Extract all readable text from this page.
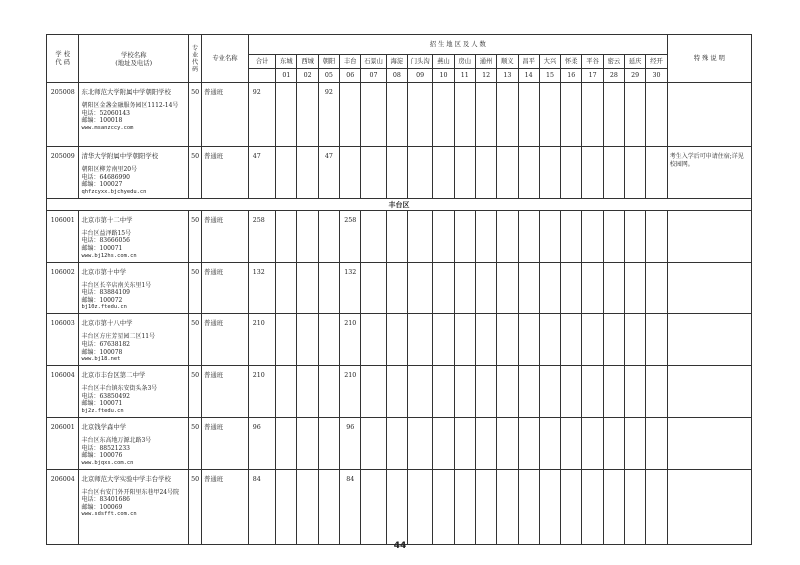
学 校
代 码	学校名称
(地址及电话)	专业代码	专业名称	招 生 地 区 及 人 数																			特 殊 说 明
				合计	东城	西城	朝阳	丰台	石景山	海淀	门头沟	燕山	房山	通州	顺义	昌平	大兴	怀柔	平谷	密云	延庆	经开	
					01	02	05	06	07	08	09	10	11	12	13	14	15	16	17	28	29	30	
205008	东北师范大学附属中学朝阳学校
朝阳区金盏金融服务园区1112-14号
电话：52060143
邮编：100018
www.msanzccy.com	50	普通班	92			92																
205009	清华大学附属中学朝阳学校
朝阳区柳芳南里20号
电话：64686990
邮编：100027
qhfzcyxx.bjchyedu.cn	50	普通班	47			47																考生入学后可申请住宿;详见校园网。
丰台区																							
106001	北京市第十二中学
丰台区益泽路15号
电话：83666056
邮编：100071
www.bj12hs.com.cn	50	普通班	258				258															
106002	北京市第十中学
丰台区长辛店南关东里1号
电话：83884109
邮编：100072
bj10z.ftedu.cn	50	普通班	132				132															
106003	北京市第十八中学
丰台区方庄芳星园二区11号
电话：67638182
邮编：100078
www.bj18.net	50	普通班	210				210															
106004	北京市丰台区第二中学
丰台区丰台镇东安街头条3号
电话：63850492
邮编：100071
bj2z.ftedu.cn	50	普通班	210				210															
206001	北京钱学森中学
丰台区东高地万源北路3号
电话：88521233
邮编：100076
www.bjqxs.com.cn	50	普通班	96				96															
206004	北京师范大学实验中学丰台学校
丰台区右安门外开阳里东巷甲24号院
电话：83401686
邮编：100069
www.sdsfft.com.cn	50	普通班	84				84															
44
